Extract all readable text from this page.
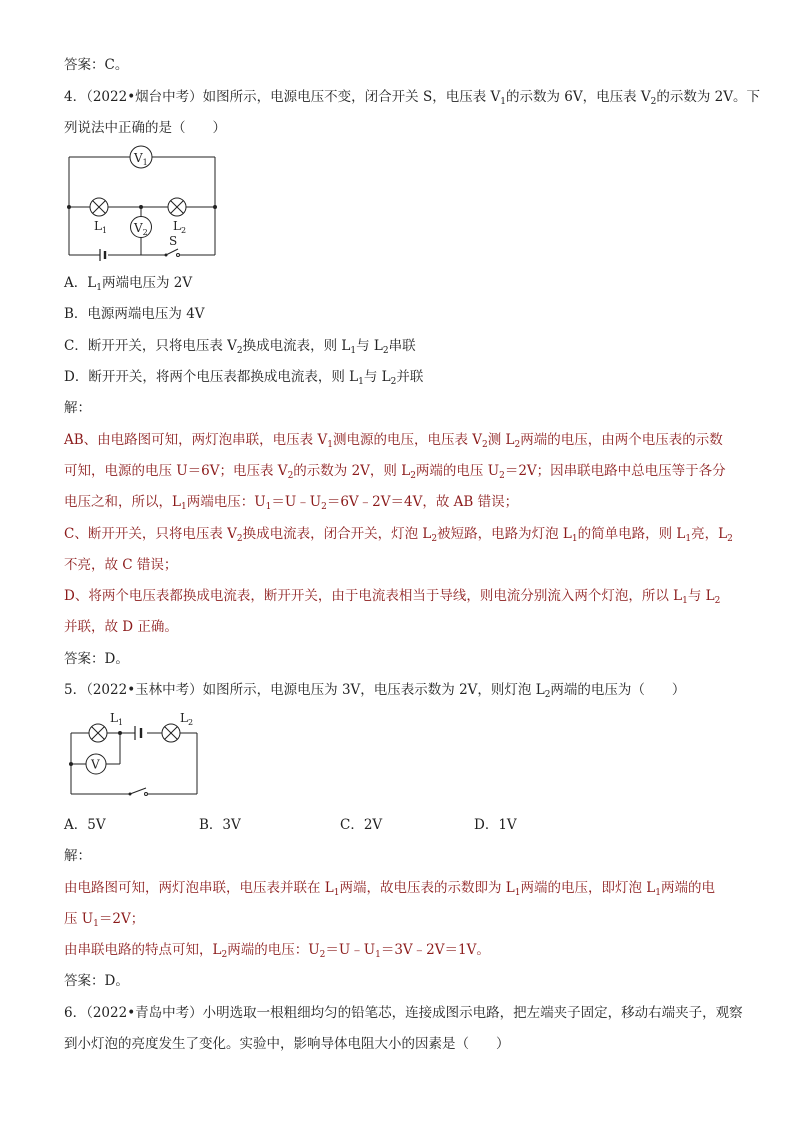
答案：C。
4．（2022•烟台中考）如图所示，电源电压不变，闭合开关 S，电压表 $V_1$的示数为 6V，电压表 $V_2$的示数为 2V。下
列说法中正确的是（　　）
S
$V_1$
$V_2$
$L_1$	$L_2$
A．$L_1$两端电压为 2V
B．电源两端电压为 4V
C．断开开关，只将电压表 $V_2$换成电流表，则 $L_1$与 $L_2$串联
D．断开开关，将两个电压表都换成电流表，则 $L_1$与 $L_2$并联
解：
AB、由电路图可知，两灯泡串联，电压表 $V_1$测电源的电压，电压表 $V_2$测 $L_2$两端的电压，由两个电压表的示数
可知，电源的电压 U＝6V；电压表 $V_2$的示数为 2V，则 $L_2$两端的电压 $U_2=2V$；因串联电路中总电压等于各分
电压之和，所以，$L_1$两端电压：$U_1=U﹣U_2=6V﹣2V=4V$，故 AB 错误；
C、断开开关，只将电压表 $V_2$换成电流表，闭合开关，灯泡 $L_2$被短路，电路为灯泡 $L_1$的简单电路，则 $L_1$亮，$L_2$
不亮，故 C 错误；
D、将两个电压表都换成电流表，断开开关，由于电流表相当于导线，则电流分别流入两个灯泡，所以 $L_1$与 $L_2$
并联，故 D 正确。
答案：D。
5．（2022•玉林中考）如图所示，电源电压为 3V，电压表示数为 2V，则灯泡 $L_2$两端的电压为（　　）
$L_1$	$L_2$
V
A．5V	B．3V	C．2V	D．1V
解：
由电路图可知，两灯泡串联，电压表并联在 $L_1$两端，故电压表的示数即为 $L_1$两端的电压，即灯泡 $L_1$两端的电
压 $U_1=2V$；
由串联电路的特点可知，$L_2$两端的电压：$U_2=U﹣U_1=3V﹣2V=1V$。
答案：D。
6．（2022•青岛中考）小明选取一根粗细均匀的铅笔芯，连接成图示电路，把左端夹子固定，移动右端夹子，观察
到小灯泡的亮度发生了变化。实验中，影响导体电阻大小的因素是（　　）
